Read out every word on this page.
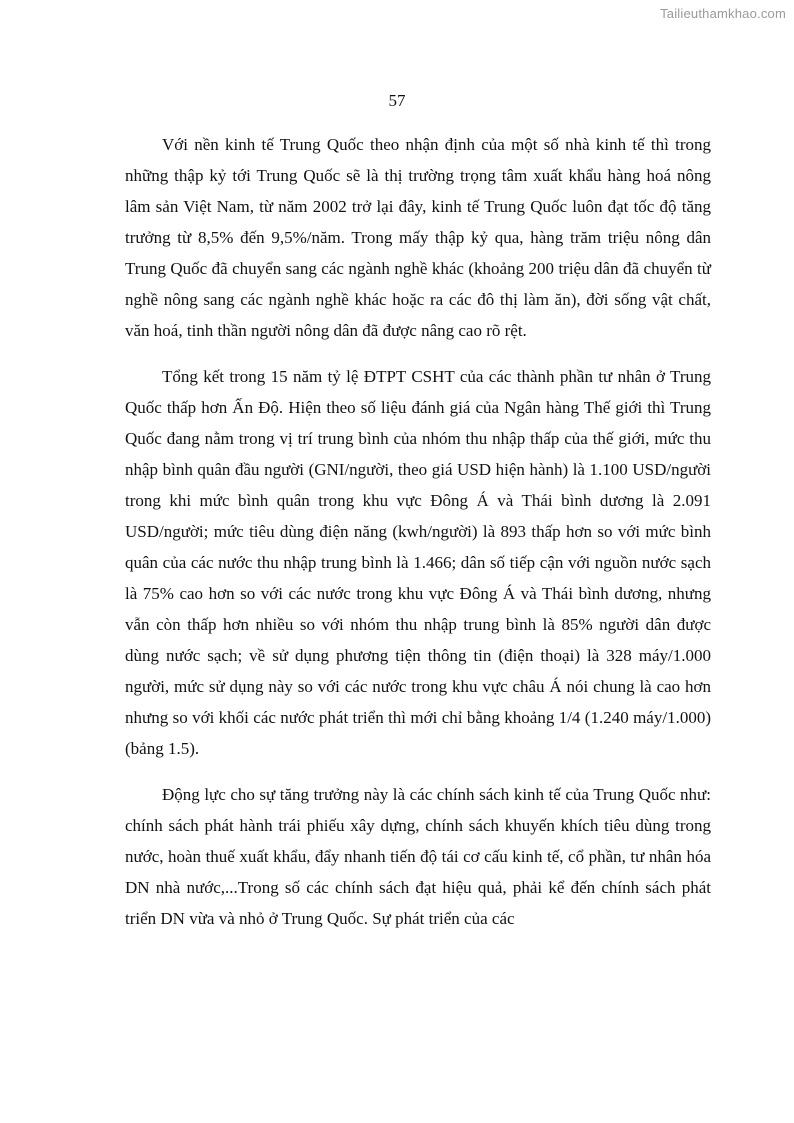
Tailieuthamkhao.com
57

Với nền kinh tế Trung Quốc theo nhận định của một số nhà kinh tế thì trong những thập kỷ tới Trung Quốc sẽ là thị trường trọng tâm xuất khẩu hàng hoá nông lâm sản Việt Nam, từ năm 2002 trở lại đây, kinh tế Trung Quốc luôn đạt tốc độ tăng trưởng từ 8,5% đến 9,5%/năm. Trong mấy thập kỷ qua, hàng trăm triệu nông dân Trung Quốc đã chuyển sang các ngành nghề khác (khoảng 200 triệu dân đã chuyển từ nghề nông sang các ngành nghề khác hoặc ra các đô thị làm ăn), đời sống vật chất, văn hoá, tinh thần người nông dân đã được nâng cao rõ rệt.

Tổng kết trong 15 năm tỷ lệ ĐTPT CSHT của các thành phần tư nhân ở Trung Quốc thấp hơn Ấn Độ. Hiện theo số liệu đánh giá của Ngân hàng Thế giới thì Trung Quốc đang nằm trong vị trí trung bình của nhóm thu nhập thấp của thế giới, mức thu nhập bình quân đầu người (GNI/người, theo giá USD hiện hành) là 1.100 USD/người trong khi mức bình quân trong khu vực Đông Á và Thái bình dương là 2.091 USD/người; mức tiêu dùng điện năng (kwh/người) là 893 thấp hơn so với mức bình quân của các nước thu nhập trung bình là 1.466; dân số tiếp cận với nguồn nước sạch là 75% cao hơn so với các nước trong khu vực Đông Á và Thái bình dương, nhưng vẫn còn thấp hơn nhiều so với nhóm thu nhập trung bình là 85% người dân được dùng nước sạch; về sử dụng phương tiện thông tin (điện thoại) là 328 máy/1.000 người, mức sử dụng này so với các nước trong khu vực châu Á nói chung là cao hơn nhưng so với khối các nước phát triển thì mới chỉ bằng khoảng 1/4 (1.240 máy/1.000) (bảng 1.5).

Động lực cho sự tăng trưởng này là các chính sách kinh tế của Trung Quốc như: chính sách phát hành trái phiếu xây dựng, chính sách khuyến khích tiêu dùng trong nước, hoàn thuế xuất khẩu, đẩy nhanh tiến độ tái cơ cấu kinh tế, cổ phần, tư nhân hóa DN nhà nước,...Trong số các chính sách đạt hiệu quả, phải kể đến chính sách phát triển DN vừa và nhỏ ở Trung Quốc. Sự phát triển của các
